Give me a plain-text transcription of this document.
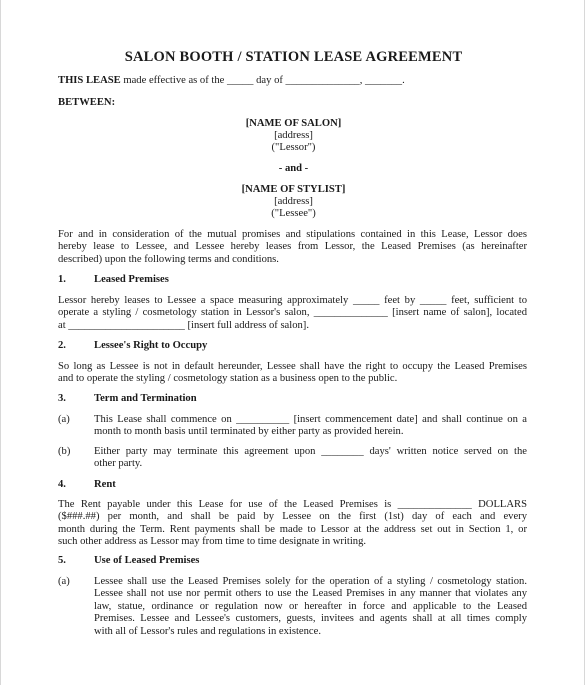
SALON BOOTH / STATION LEASE AGREEMENT
THIS LEASE made effective as of the _____ day of ______________, _______.
BETWEEN:
[NAME OF SALON]
[address]
("Lessor")
- and -
[NAME OF STYLIST]
[address]
("Lessee")
For and in consideration of the mutual promises and stipulations contained in this Lease, Lessor does
hereby lease to Lessee, and Lessee hereby leases from Lessor, the Leased Premises (as hereinafter
described) upon the following terms and conditions.
1.	Leased Premises
Lessor hereby leases to Lessee a space measuring approximately _____ feet by _____ feet, sufficient to
operate a styling / cosmetology station in Lessor's salon, ______________ [insert name of salon], located
at ______________________ [insert full address of salon].
2.	Lessee's Right to Occupy
So long as Lessee is not in default hereunder, Lessee shall have the right to occupy the Leased Premises
and to operate the styling / cosmetology station as a business open to the public.
3.	Term and Termination
(a) This Lease shall commence on __________ [insert commencement date] and shall continue on a
month to month basis until terminated by either party as provided herein.
(b) Either party may terminate this agreement upon ________ days' written notice served on the
other party.
4.	Rent
The Rent payable under this Lease for use of the Leased Premises is ______________ DOLLARS
($###.##) per month, and shall be paid by Lessee on the first (1st) day of each and every
month during the Term. Rent payments shall be made to Lessor at the address set out in Section 1, or
such other address as Lessor may from time to time designate in writing.
5.	Use of Leased Premises
(a) Lessee shall use the Leased Premises solely for the operation of a styling / cosmetology station.
Lessee shall not use nor permit others to use the Leased Premises in any manner that violates any
law, statue, ordinance or regulation now or hereafter in force and applicable to the Leased
Premises. Lessee and Lessee's customers, guests, invitees and agents shall at all times comply
with all of Lessor's rules and regulations in existence.
